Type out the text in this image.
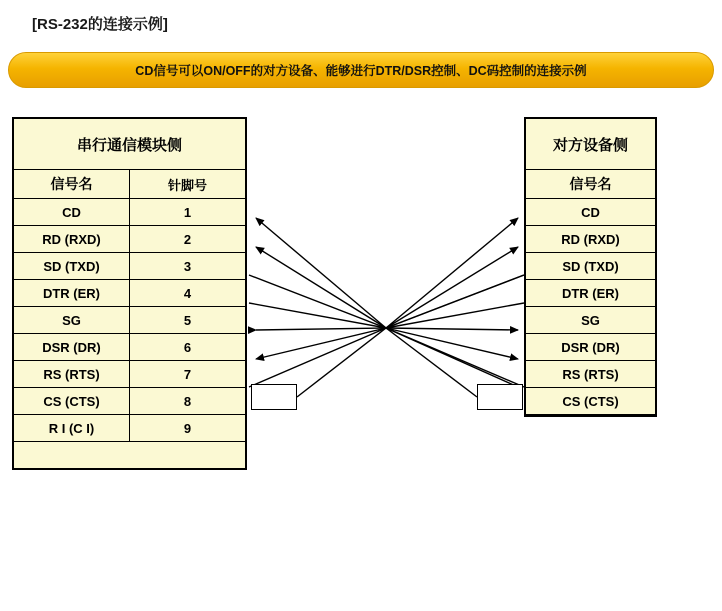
[RS-232的连接示例]
CD信号可以ON/OFF的对方设备、能够进行DTR/DSR控制、DC码控制的连接示例
串行通信模块侧	
信号名	针脚号
CD	1
RD (RXD)	2
SD (TXD)	3
DTR (ER)	4
SG	5
DSR (DR)	6
RS (RTS)	7
CS (CTS)	8
R I (C I)	9

对方设备侧
信号名
CD
RD (RXD)
SD (TXD)
DTR (ER)
SG
DSR (DR)
RS (RTS)
CS (CTS)
